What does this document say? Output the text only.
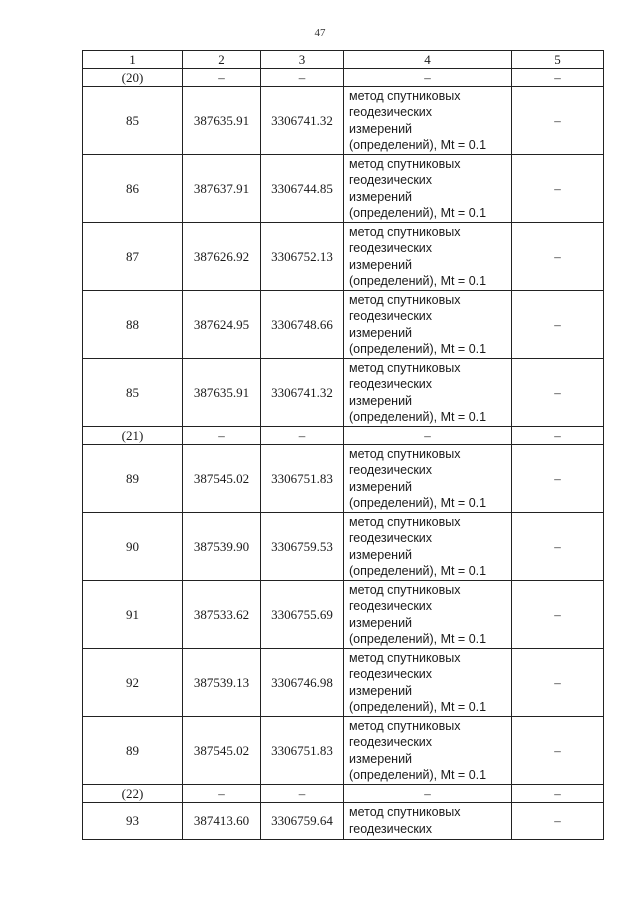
47
1	2	3	4	5
(20)	–	–	–	–
85	387635.91	3306741.32	метод спутниковых
геодезических
измерений
(определений), Mt = 0.1	–
86	387637.91	3306744.85	метод спутниковых
геодезических
измерений
(определений), Mt = 0.1	–
87	387626.92	3306752.13	метод спутниковых
геодезических
измерений
(определений), Mt = 0.1	–
88	387624.95	3306748.66	метод спутниковых
геодезических
измерений
(определений), Mt = 0.1	–
85	387635.91	3306741.32	метод спутниковых
геодезических
измерений
(определений), Mt = 0.1	–
(21)	–	–	–	–
89	387545.02	3306751.83	метод спутниковых
геодезических
измерений
(определений), Mt = 0.1	–
90	387539.90	3306759.53	метод спутниковых
геодезических
измерений
(определений), Mt = 0.1	–
91	387533.62	3306755.69	метод спутниковых
геодезических
измерений
(определений), Mt = 0.1	–
92	387539.13	3306746.98	метод спутниковых
геодезических
измерений
(определений), Mt = 0.1	–
89	387545.02	3306751.83	метод спутниковых
геодезических
измерений
(определений), Mt = 0.1	–
(22)	–	–	–	–
93	387413.60	3306759.64	метод спутниковых
геодезических	–
